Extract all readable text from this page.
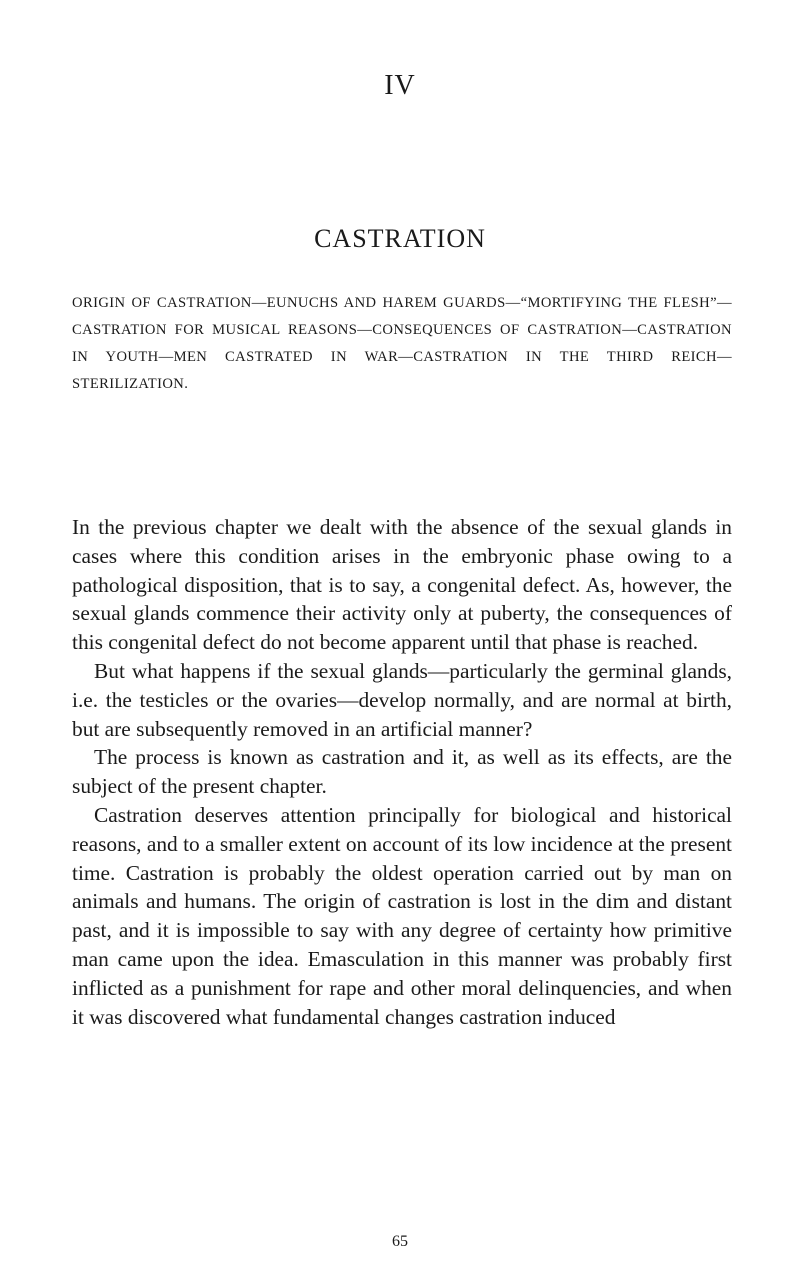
IV
CASTRATION
ORIGIN OF CASTRATION—EUNUCHS AND HAREM GUARDS—“MORTIFYING THE FLESH”—CASTRATION FOR MUSICAL REASONS—CONSEQUENCES OF CASTRATION—CASTRATION IN YOUTH—MEN CASTRATED IN WAR—CASTRATION IN THE THIRD REICH—STERILIZATION.

In the previous chapter we dealt with the absence of the sexual glands in cases where this condition arises in the embryonic phase owing to a pathological disposition, that is to say, a congenital defect. As, however, the sexual glands commence their activity only at puberty, the consequences of this congenital defect do not become apparent until that phase is reached.

But what happens if the sexual glands—particularly the germinal glands, i.e. the testicles or the ovaries—develop normally, and are normal at birth, but are subsequently removed in an artificial manner?

The process is known as castration and it, as well as its effects, are the subject of the present chapter.

Castration deserves attention principally for biological and historical reasons, and to a smaller extent on account of its low incidence at the present time. Castration is probably the oldest operation carried out by man on animals and humans. The origin of castration is lost in the dim and distant past, and it is impossible to say with any degree of certainty how primitive man came upon the idea. Emasculation in this manner was probably first inflicted as a punishment for rape and other moral delinquencies, and when it was discovered what fundamental changes castration induced

65
